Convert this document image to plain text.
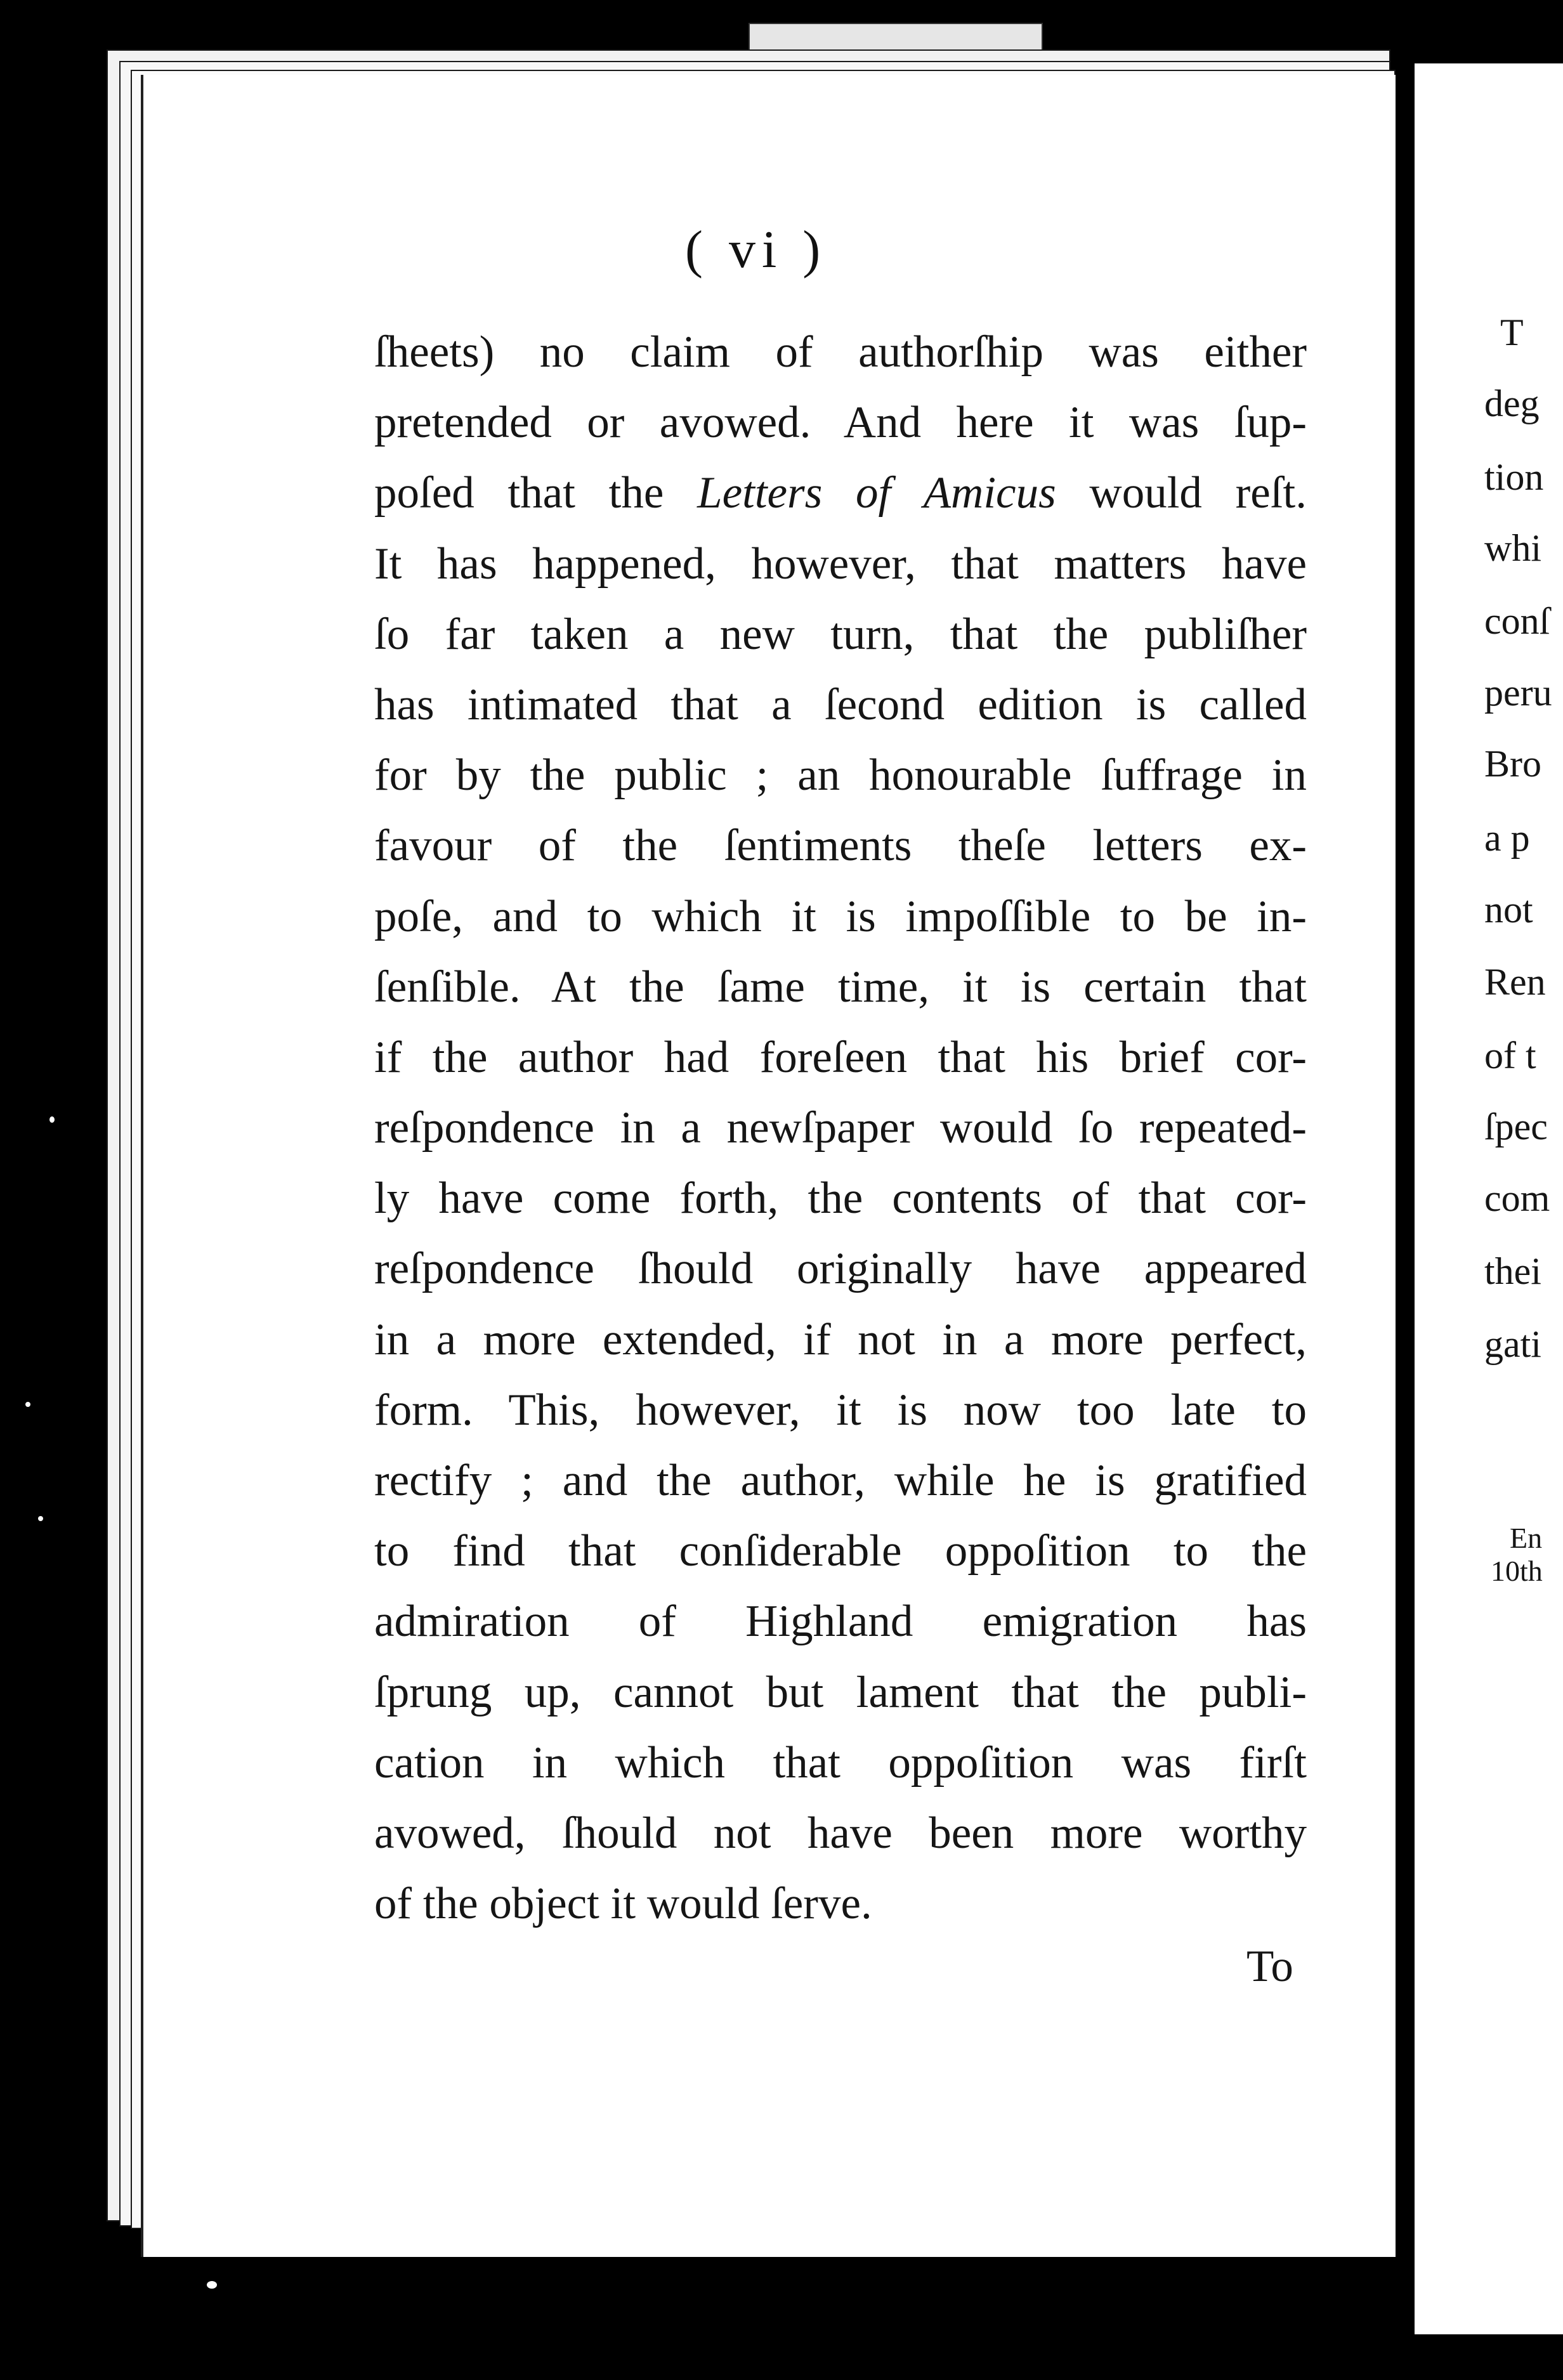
( vi )
ſheets) no claim of authorſhip was either
pretended or avowed. And here it was ſup-
poſed that the Letters of Amicus would reſt.
It has happened, however, that matters have
ſo far taken a new turn, that the publiſher
has intimated that a ſecond edition is called
for by the public ; an honourable ſuffrage in
favour of the ſentiments theſe letters ex-
poſe, and to which it is impoſſible to be in-
ſenſible. At the ſame time, it is certain that
if the author had foreſeen that his brief cor-
reſpondence in a newſpaper would ſo repeated-
ly have come forth, the contents of that cor-
reſpondence ſhould originally have appeared
in a more extended, if not in a more perfect,
form. This, however, it is now too late to
rectify ; and the author, while he is gratified
to find that conſiderable oppoſition to the
admiration of Highland emigration has
ſprung up, cannot but lament that the publi-
cation in which that oppoſition was firſt
avowed, ſhould not have been more worthy
of the object it would ſerve.
To
T
deg
tion
whi
conſ
peru
Bro
a p
not
Ren
of t
ſpec
com
thei
gati
En
10th
